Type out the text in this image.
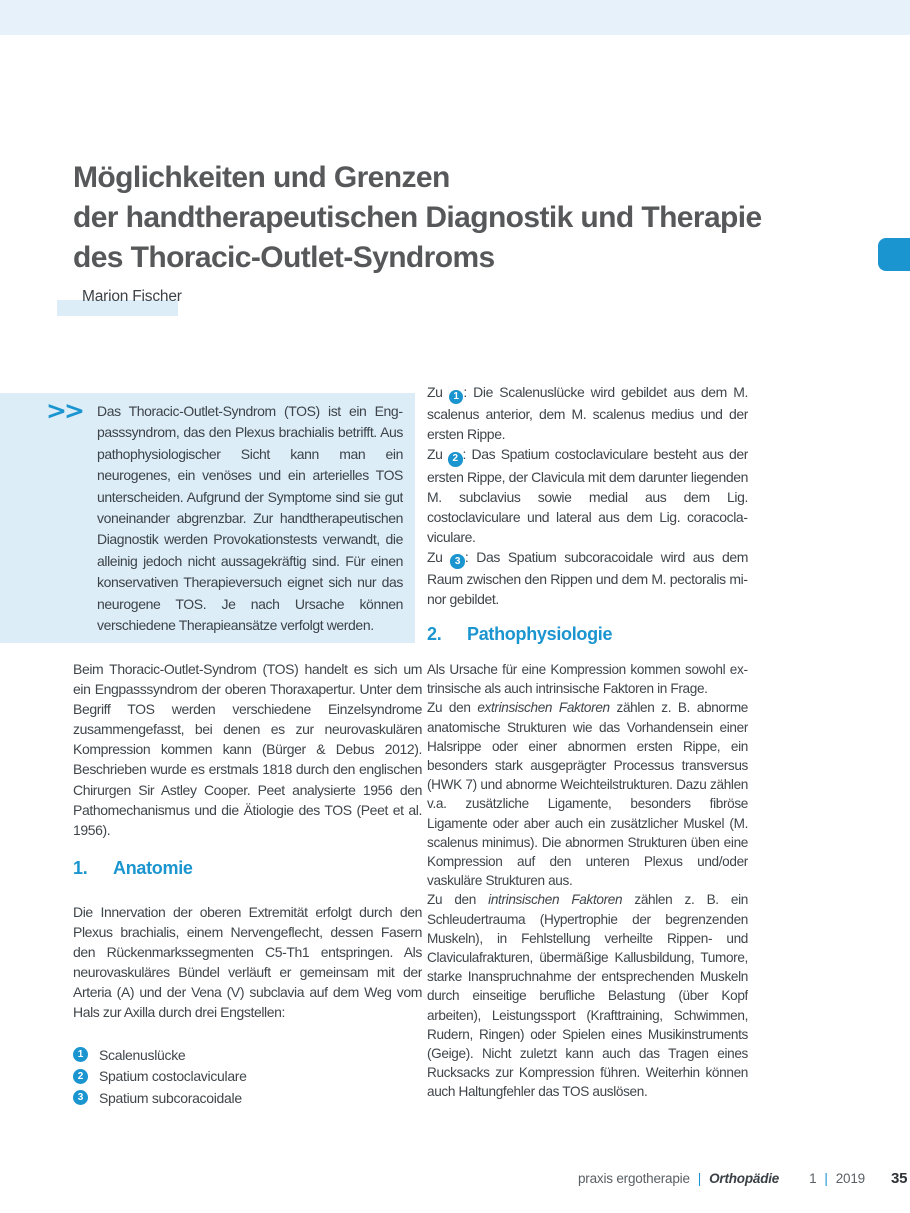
Möglichkeiten und Grenzen
der handtherapeutischen Diagnostik und Therapie
des Thoracic-Outlet-Syndroms
Marion Fischer
>> Das Thoracic-Outlet-Syndrom (TOS) ist ein Engpasssyndrom, das den Plexus brachialis betrifft. Aus pathophysiologischer Sicht kann man ein neurogenes, ein venöses und ein arterielles TOS unterscheiden. Aufgrund der Symptome sind sie gut voneinander abgrenzbar. Zur handtherapeutischen Diagnostik werden Provokationstests verwandt, die alleinig jedoch nicht aussagekräftig sind. Für einen konservativen Therapieversuch eignet sich nur das neurogene TOS. Je nach Ursache können verschiedene Therapieansätze verfolgt werden.
Beim Thoracic-Outlet-Syndrom (TOS) handelt es sich um ein Engpasssyndrom der oberen Thoraxapertur. Unter dem Begriff TOS werden verschiedene Einzelsyndrome zusammengefasst, bei denen es zur neurovaskulären Kompression kommen kann (Bürger & Debus 2012). Beschrieben wurde es erstmals 1818 durch den englischen Chirurgen Sir Astley Cooper. Peet analysierte 1956 den Pathomechanismus und die Ätiologie des TOS (Peet et al. 1956).
1. Anatomie
Die Innervation der oberen Extremität erfolgt durch den Plexus brachialis, einem Nervengeflecht, dessen Fasern den Rückenmarkssegmenten C5-Th1 entspringen. Als neurovaskuläres Bündel verläuft er gemeinsam mit der Arteria (A) und der Vena (V) subclavia auf dem Weg vom Hals zur Axilla durch drei Engstellen:
1	Scalenuslücke
2	Spatium costoclaviculare
3	Spatium subcoracoidale

Zu 1 : Die Scalenuslücke wird gebildet aus dem M. scalenus anterior, dem M. scalenus medius und der ersten Rippe.

Zu 2 : Das Spatium costoclaviculare besteht aus der ersten Rippe, der Clavicula mit dem darunter liegenden M. subclavius sowie medial aus dem Lig. costoclaviculare und lateral aus dem Lig. coracoclaviculare.

Zu 3 : Das Spatium subcoracoidale wird aus dem Raum zwischen den Rippen und dem M. pectoralis minor gebildet.

2. Pathophysiologie

Als Ursache für eine Kompression kommen sowohl extrinsische als auch intrinsische Faktoren in Frage.

Zu den extrinsischen Faktoren zählen z. B. abnorme anatomische Strukturen wie das Vorhandensein einer Halsrippe oder einer abnormen ersten Rippe, ein besonders stark ausgeprägter Processus transversus (HWK 7) und abnorme Weichteilstrukturen. Dazu zählen v.a. zusätzliche Ligamente, besonders fibröse Ligamente oder aber auch ein zusätzlicher Muskel (M. scalenus minimus). Die abnormen Strukturen üben eine Kompression auf den unteren Plexus und/oder vaskuläre Strukturen aus.

Zu den intrinsischen Faktoren zählen z. B. ein Schleudertrauma (Hypertrophie der begrenzenden Muskeln), in Fehlstellung verheilte Rippen- und Claviculafrakturen, übermäßige Kallusbildung, Tumore, starke Inanspruchnahme der entsprechenden Muskeln durch einseitige berufliche Belastung (über Kopf arbeiten), Leistungssport (Krafttraining, Schwimmen, Rudern, Ringen) oder Spielen eines Musikinstruments (Geige). Nicht zuletzt kann auch das Tragen eines Rucksacks zur Kompression führen. Weiterhin können auch Haltungfehler das TOS auslösen.

praxis ergotherapie | Orthopädie 1 | 2019 35
